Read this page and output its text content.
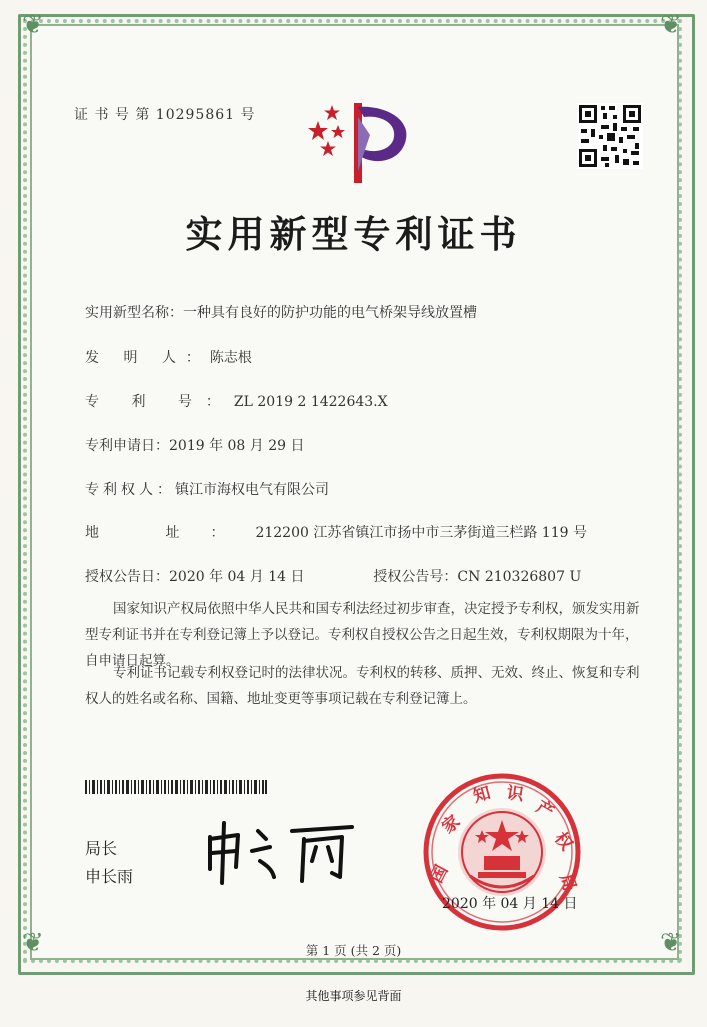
❦	❦
❦	❦
证 书 号 第 10295861 号
实用新型专利证书
实用新型名称：一种具有良好的防护功能的电气桥架导线放置槽
发 明 人：陈志根
专 利 号：ZL 2019 2 1422643.X
专利申请日：2019 年 08 月 29 日
专利权人：镇江市海权电气有限公司
地 址：212200 江苏省镇江市扬中市三茅街道三栏路 119 号
授权公告日：2020 年 04 月 14 日	授权公告号：CN 210326807 U
国家知识产权局依照中华人民共和国专利法经过初步审查，决定授予专利权，颁发实用新型专利证书并在专利登记簿上予以登记。专利权自授权公告之日起生效，专利权期限为十年，自申请日起算。
专利证书记载专利权登记时的法律状况。专利权的转移、质押、无效、终止、恢复和专利权人的姓名或名称、国籍、地址变更等事项记载在专利登记簿上。
局长
申长雨	国
家
知 识
产
权
局
2020 年 04 月 14 日
第 1 页 (共 2 页)
其他事项参见背面
